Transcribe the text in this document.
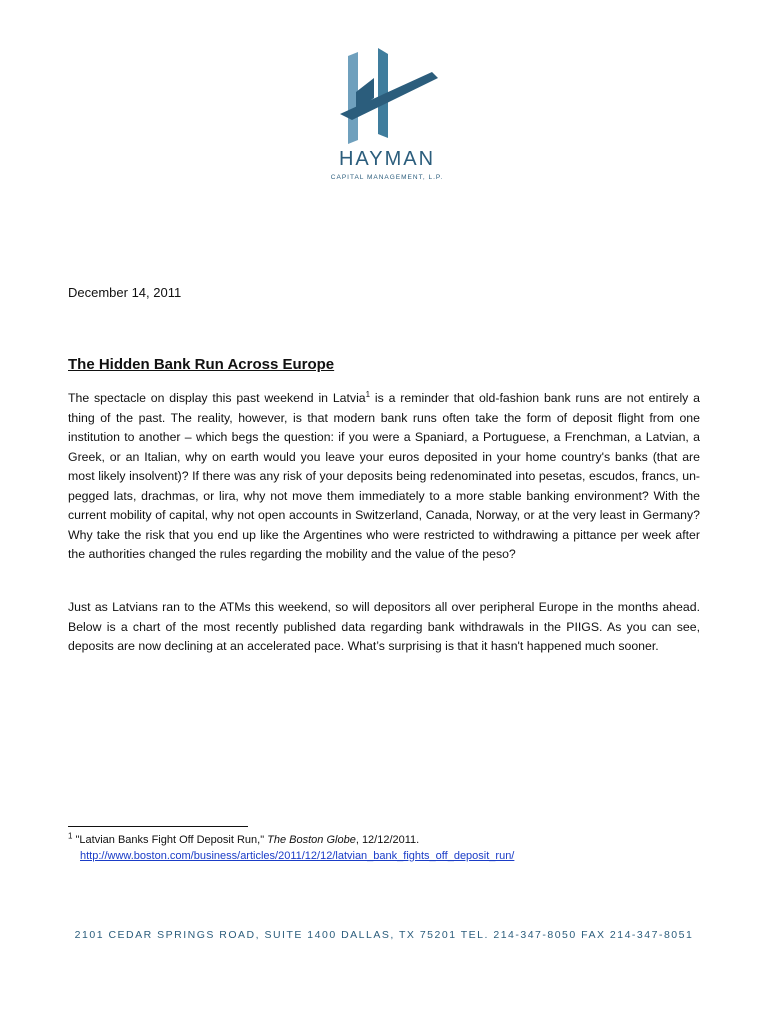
HAYMAN
CAPITAL MANAGEMENT, L.P.
December 14, 2011
The Hidden Bank Run Across Europe

The spectacle on display this past weekend in Latvia$^1$ is a reminder that old-fashion bank runs are not entirely a thing of the past. The reality, however, is that modern bank runs often take the form of deposit flight from one institution to another – which begs the question: if you were a Spaniard, a Portuguese, a Frenchman, a Latvian, a Greek, or an Italian, why on earth would you leave your euros deposited in your home country's banks (that are most likely insolvent)? If there was any risk of your deposits being redenominated into pesetas, escudos, francs, un-pegged lats, drachmas, or lira, why not move them immediately to a more stable banking environment? With the current mobility of capital, why not open accounts in Switzerland, Canada, Norway, or at the very least in Germany? Why take the risk that you end up like the Argentines who were restricted to withdrawing a pittance per week after the authorities changed the rules regarding the mobility and the value of the peso?

Just as Latvians ran to the ATMs this weekend, so will depositors all over peripheral Europe in the months ahead. Below is a chart of the most recently published data regarding bank withdrawals in the PIIGS. As you can see, deposits are now declining at an accelerated pace. What’s surprising is that it hasn't happened much sooner.

$^1$ "Latvian Banks Fight Off Deposit Run," The Boston Globe, 12/12/2011.
http://www.boston.com/business/articles/2011/12/12/latvian_bank_fights_off_deposit_run/
2101 CEDAR SPRINGS ROAD, SUITE 1400 DALLAS, TX 75201 TEL. 214-347-8050 FAX 214-347-8051
